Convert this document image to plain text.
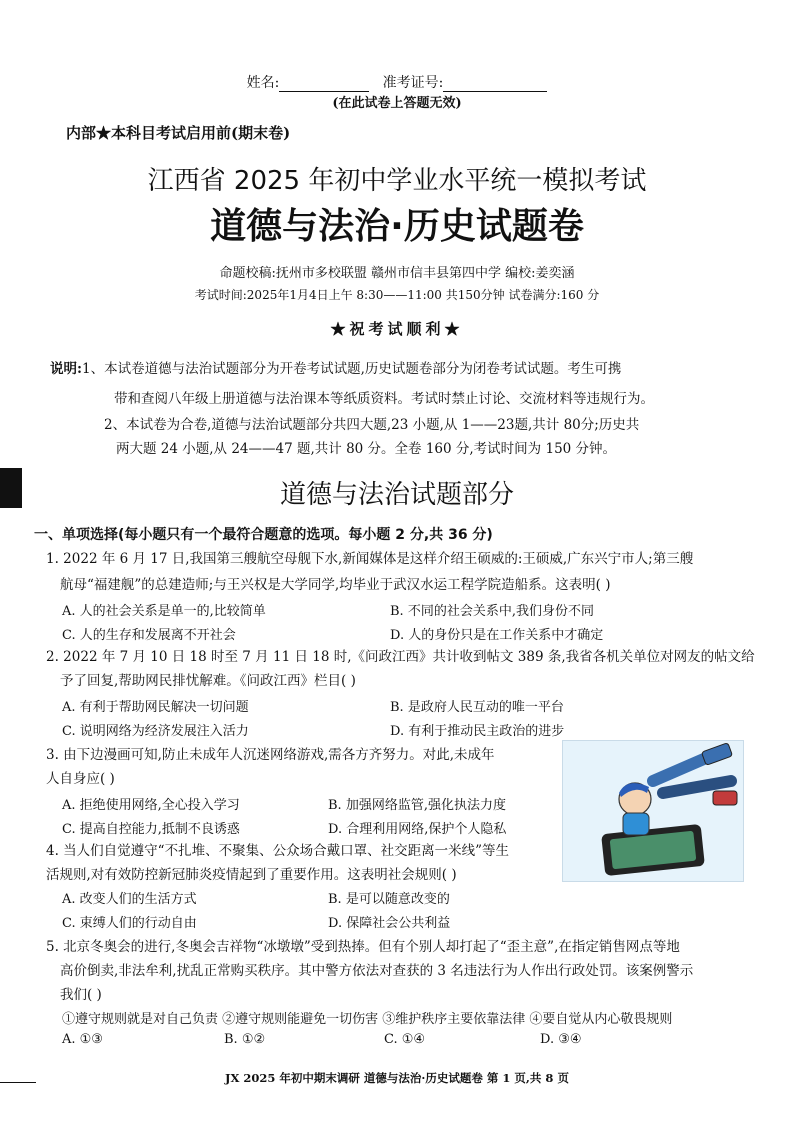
姓名:	准考证号:
(在此试卷上答题无效)
内部★本科目考试启用前(期末卷)
江西省 2025 年初中学业水平统一模拟考试
道德与法治·历史试题卷
命题校稿:抚州市多校联盟 赣州市信丰县第四中学 编校:姜奕涵
考试时间:2025年1月4日上午 8:30——11:00 共150分钟 试卷满分:160 分
★祝考试顺利★
说明:1、本试卷道德与法治试题部分为开卷考试试题,历史试题卷部分为闭卷考试试题。考生可携
带和查阅八年级上册道德与法治课本等纸质资料。考试时禁止讨论、交流材料等违规行为。
2、本试卷为合卷,道德与法治试题部分共四大题,23 小题,从 1——23题,共计 80分;历史共
两大题 24 小题,从 24——47 题,共计 80 分。全卷 160 分,考试时间为 150 分钟。
道德与法治试题部分
一、单项选择(每小题只有一个最符合题意的选项。每小题 2 分,共 36 分)
1. 2022 年 6 月 17 日,我国第三艘航空母舰下水,新闻媒体是这样介绍王硕威的:王硕威,广东兴宁市人;第三艘
航母“福建舰”的总建造师;与王兴权是大学同学,均毕业于武汉水运工程学院造船系。这表明( )
A. 人的社会关系是单一的,比较简单	B. 不同的社会关系中,我们身份不同
C. 人的生存和发展离不开社会	D. 人的身份只是在工作关系中才确定
2. 2022 年 7 月 10 日 18 时至 7 月 11 日 18 时,《问政江西》共计收到帖文 389 条,我省各机关单位对网友的帖文给
予了回复,帮助网民排忧解难。《问政江西》栏目( )
A. 有利于帮助网民解决一切问题	B. 是政府人民互动的唯一平台
C. 说明网络为经济发展注入活力	D. 有利于推动民主政治的进步
3. 由下边漫画可知,防止未成年人沉迷网络游戏,需各方齐努力。对此,未成年
人自身应( )
A. 拒绝使用网络,全心投入学习	B. 加强网络监管,强化执法力度
C. 提高自控能力,抵制不良诱惑	D. 合理利用网络,保护个人隐私
4. 当人们自觉遵守“不扎堆、不聚集、公众场合戴口罩、社交距离一米线”等生
活规则,对有效防控新冠肺炎疫情起到了重要作用。这表明社会规则( )
A. 改变人们的生活方式	B. 是可以随意改变的
C. 束缚人们的行动自由	D. 保障社会公共利益
5. 北京冬奥会的进行,冬奥会吉祥物“冰墩墩”受到热捧。但有个别人却打起了“歪主意”,在指定销售网点等地
高价倒卖,非法牟利,扰乱正常购买秩序。其中警方依法对查获的 3 名违法行为人作出行政处罚。该案例警示
我们( )
①遵守规则就是对自己负责 ②遵守规则能避免一切伤害 ③维护秩序主要依靠法律 ④要自觉从内心敬畏规则
A. ①③	B. ①②	C. ①④	D. ③④
JX 2025 年初中期末调研 道德与法治·历史试题卷 第 1 页,共 8 页
